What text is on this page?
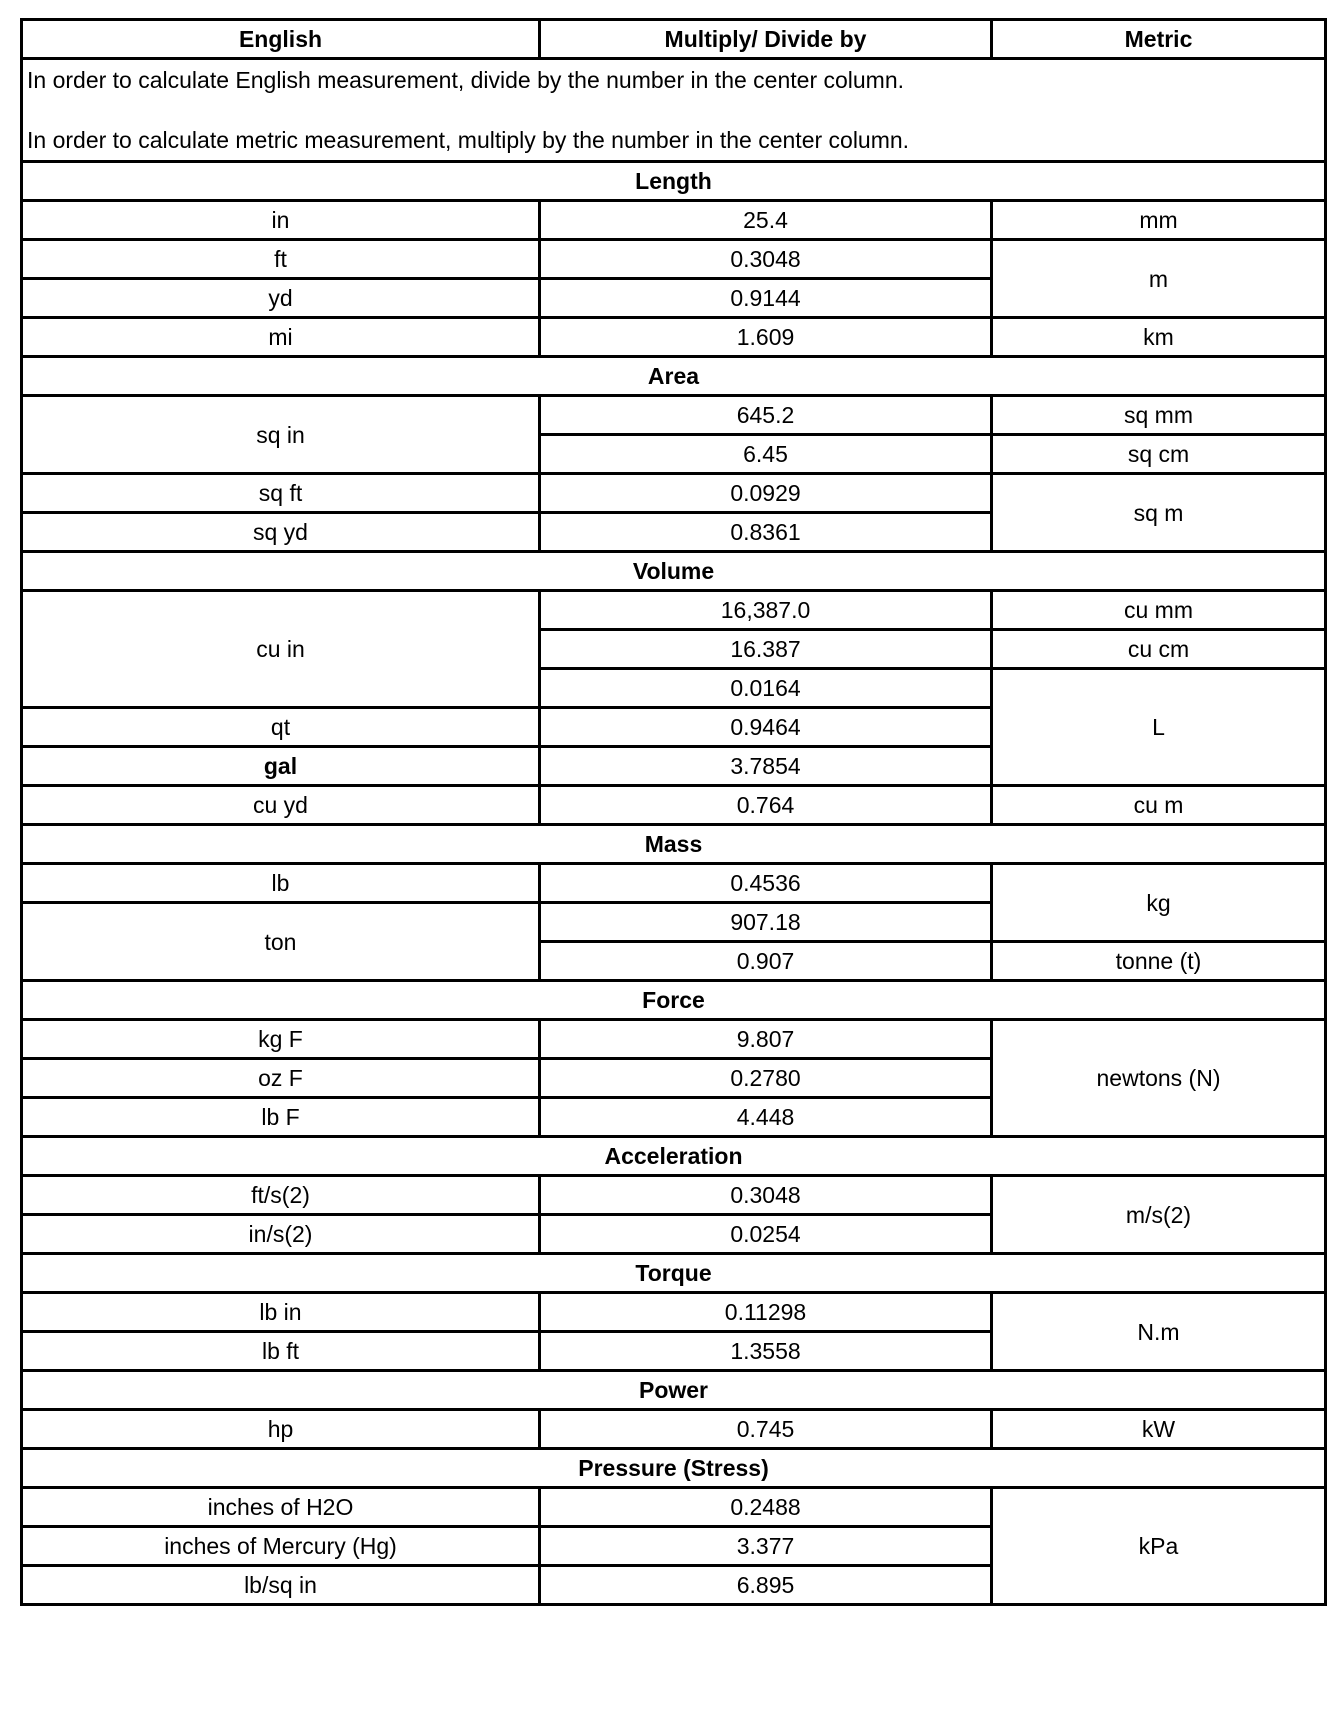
English	Multiply/ Divide by	Metric

In order to calculate English measurement, divide by the number in the center column.
In order to calculate metric measurement, multiply by the number in the center column.		

Length		
in	25.4	mm
ft	0.3048	m
yd	0.9144	
mi	1.609	km
Area		
sq in	645.2	sq mm
	6.45	sq cm
sq ft	0.0929	sq m
sq yd	0.8361	
Volume		
cu in	16,387.0	cu mm
	16.387	cu cm
	0.0164	L
qt	0.9464	
gal	3.7854	
cu yd	0.764	cu m
Mass		
lb	0.4536	kg
ton	907.18	
	0.907	tonne (t)
Force		
kg F	9.807	newtons (N)
oz F	0.2780	
lb F	4.448	
Acceleration		
ft/s(2)	0.3048	m/s(2)
in/s(2)	0.0254	
Torque		
lb in	0.11298	N.m
lb ft	1.3558	
Power		
hp	0.745	kW
Pressure (Stress)		
inches of H2O	0.2488	kPa
inches of Mercury (Hg)	3.377	
lb/sq in	6.895	
